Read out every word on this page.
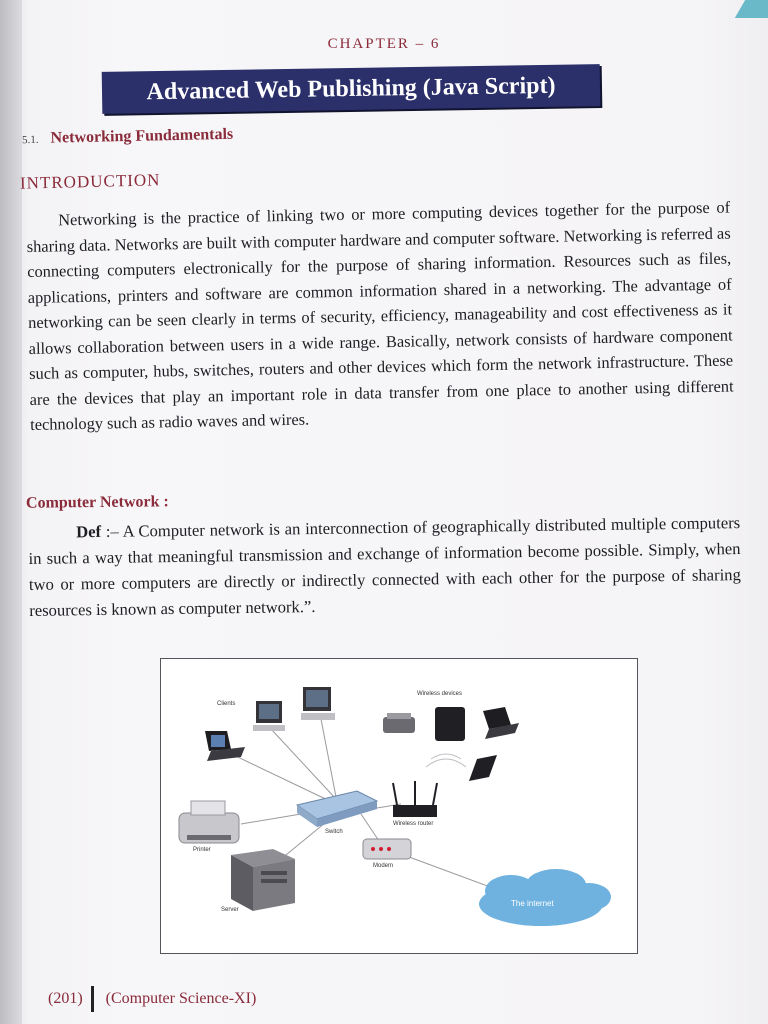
CHAPTER – 6
Advanced Web Publishing (Java Script)
5.1. Networking Fundamentals
INTRODUCTION

Networking is the practice of linking two or more computing devices together for the purpose of sharing data. Networks are built with computer hardware and computer software. Networking is referred as connecting computers electronically for the purpose of sharing information. Resources such as files, applications, printers and software are common information shared in a networking. The advantage of networking can be seen clearly in terms of security, efficiency, manageability and cost effectiveness as it allows collaboration between users in a wide range. Basically, network consists of hardware component such as computer, hubs, switches, routers and other devices which form the network infrastructure. These are the devices that play an important role in data transfer from one place to another using different technology such as radio waves and wires.

Computer Network :

Def :– A Computer network is an interconnection of geographically distributed multiple computers in such a way that meaningful transmission and exchange of information become possible. Simply, when two or more computers are directly or indirectly connected with each other for the purpose of sharing resources is known as computer network.”.

Clients
Wireless devices
Switch
Wireless router
Printer
Modem
Server
The internet
(201) (Computer Science-XI)
